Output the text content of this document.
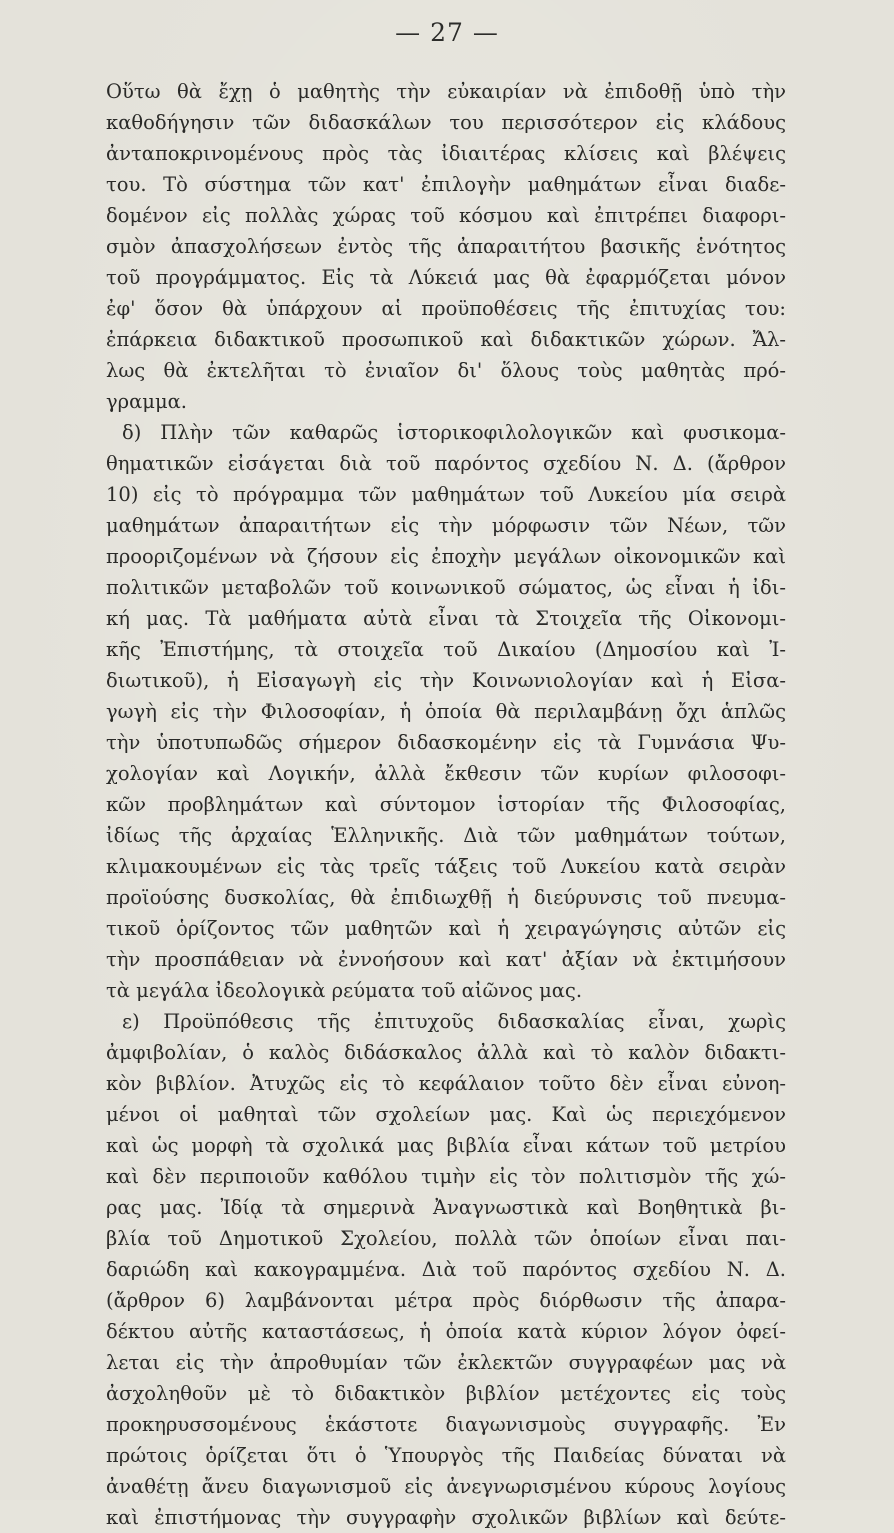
— 27 —
Οὕτω θὰ ἔχῃ ὁ μαθητὴς τὴν εὐκαιρίαν νὰ ἐπιδοθῇ ὑπὸ τὴν
καθοδήγησιν τῶν διδασκάλων του περισσότερον εἰς κλάδους
ἀνταποκρινομένους πρὸς τὰς ἰδιαιτέρας κλίσεις καὶ βλέψεις
του. Τὸ σύστημα τῶν κατ' ἐπιλογὴν μαθημάτων εἶναι διαδε-
δομένον εἰς πολλὰς χώρας τοῦ κόσμου καὶ ἐπιτρέπει διαφορι-
σμὸν ἀπασχολήσεων ἐντὸς τῆς ἀπαραιτήτου βασικῆς ἑνότητος
τοῦ προγράμματος. Εἰς τὰ Λύκειά μας θὰ ἐφαρμόζεται μόνον
ἐφ' ὅσον θὰ ὑπάρχουν αἱ προϋποθέσεις τῆς ἐπιτυχίας του:
ἐπάρκεια διδακτικοῦ προσωπικοῦ καὶ διδακτικῶν χώρων. Ἄλ-
λως θὰ ἐκτελῆται τὸ ἐνιαῖον δι' ὅλους τοὺς μαθητὰς πρό-
γραμμα.
δ) Πλὴν τῶν καθαρῶς ἱστορικοφιλολογικῶν καὶ φυσικομα-
θηματικῶν εἰσάγεται διὰ τοῦ παρόντος σχεδίου Ν. Δ. (ἄρθρον
10) εἰς τὸ πρόγραμμα τῶν μαθημάτων τοῦ Λυκείου μία σειρὰ
μαθημάτων ἀπαραιτήτων εἰς τὴν μόρφωσιν τῶν Νέων, τῶν
προοριζομένων νὰ ζήσουν εἰς ἐποχὴν μεγάλων οἰκονομικῶν καὶ
πολιτικῶν μεταβολῶν τοῦ κοινωνικοῦ σώματος, ὡς εἶναι ἡ ἰδι-
κή μας. Τὰ μαθήματα αὐτὰ εἶναι τὰ Στοιχεῖα τῆς Οἰκονομι-
κῆς Ἐπιστήμης, τὰ στοιχεῖα τοῦ Δικαίου (Δημοσίου καὶ Ἰ-
διωτικοῦ), ἡ Εἰσαγωγὴ εἰς τὴν Κοινωνιολογίαν καὶ ἡ Εἰσα-
γωγὴ εἰς τὴν Φιλοσοφίαν, ἡ ὁποία θὰ περιλαμβάνῃ ὄχι ἁπλῶς
τὴν ὑποτυπωδῶς σήμερον διδασκομένην εἰς τὰ Γυμνάσια Ψυ-
χολογίαν καὶ Λογικήν, ἀλλὰ ἔκθεσιν τῶν κυρίων φιλοσοφι-
κῶν προβλημάτων καὶ σύντομον ἱστορίαν τῆς Φιλοσοφίας,
ἰδίως τῆς ἀρχαίας Ἑλληνικῆς. Διὰ τῶν μαθημάτων τούτων,
κλιμακουμένων εἰς τὰς τρεῖς τάξεις τοῦ Λυκείου κατὰ σειρὰν
προϊούσης δυσκολίας, θὰ ἐπιδιωχθῇ ἡ διεύρυνσις τοῦ πνευμα-
τικοῦ ὁρίζοντος τῶν μαθητῶν καὶ ἡ χειραγώγησις αὐτῶν εἰς
τὴν προσπάθειαν νὰ ἐννοήσουν καὶ κατ' ἀξίαν νὰ ἐκτιμήσουν
τὰ μεγάλα ἰδεολογικὰ ρεύματα τοῦ αἰῶνος μας.
ε) Προϋπόθεσις τῆς ἐπιτυχοῦς διδασκαλίας εἶναι, χωρὶς
ἀμφιβολίαν, ὁ καλὸς διδάσκαλος ἀλλὰ καὶ τὸ καλὸν διδακτι-
κὸν βιβλίον. Ἀτυχῶς εἰς τὸ κεφάλαιον τοῦτο δὲν εἶναι εὐνοη-
μένοι οἱ μαθηταὶ τῶν σχολείων μας. Καὶ ὡς περιεχόμενον
καὶ ὡς μορφὴ τὰ σχολικά μας βιβλία εἶναι κάτων τοῦ μετρίου
καὶ δὲν περιποιοῦν καθόλου τιμὴν εἰς τὸν πολιτισμὸν τῆς χώ-
ρας μας. Ἰδίᾳ τὰ σημερινὰ Ἀναγνωστικὰ καὶ Βοηθητικὰ βι-
βλία τοῦ Δημοτικοῦ Σχολείου, πολλὰ τῶν ὁποίων εἶναι παι-
δαριώδη καὶ κακογραμμένα. Διὰ τοῦ παρόντος σχεδίου Ν. Δ.
(ἄρθρον 6) λαμβάνονται μέτρα πρὸς διόρθωσιν τῆς ἀπαρα-
δέκτου αὐτῆς καταστάσεως, ἡ ὁποία κατὰ κύριον λόγον ὀφεί-
λεται εἰς τὴν ἀπροθυμίαν τῶν ἐκλεκτῶν συγγραφέων μας νὰ
ἀσχοληθοῦν μὲ τὸ διδακτικὸν βιβλίον μετέχοντες εἰς τοὺς
προκηρυσσομένους ἑκάστοτε διαγωνισμοὺς συγγραφῆς. Ἐν
πρώτοις ὁρίζεται ὅτι ὁ Ὑπουργὸς τῆς Παιδείας δύναται νὰ
ἀναθέτῃ ἄνευ διαγωνισμοῦ εἰς ἀνεγνωρισμένου κύρους λογίους
καὶ ἐπιστήμονας τὴν συγγραφὴν σχολικῶν βιβλίων καὶ δεύτε-
